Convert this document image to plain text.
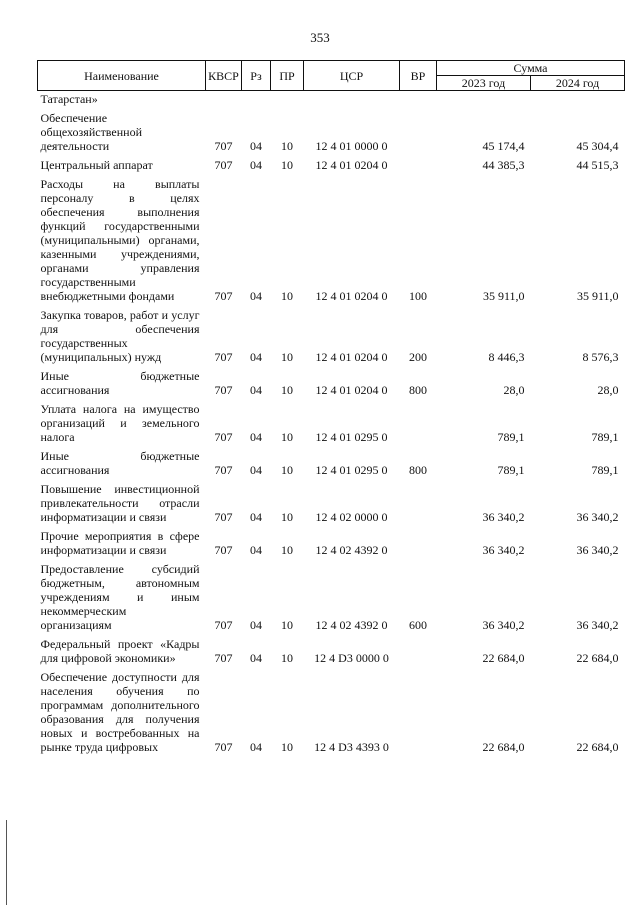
353
Наименование	КВСР	Рз	ПР	ЦСР	ВР	Сумма	
						2023 год	2024 год
Татарстан»							
Обеспечение общехозяйственной деятельности	707	04	10	12 4 01 0000 0		45 174,4	45 304,4
Центральный аппарат	707	04	10	12 4 01 0204 0		44 385,3	44 515,3
Расходы на выплаты персоналу в целях обеспечения выполнения функций государственными (муниципальными) органами, казенными учреждениями, органами управления государственными внебюджетными фондами	707	04	10	12 4 01 0204 0	100	35 911,0	35 911,0
Закупка товаров, работ и услуг для обеспечения государственных (муниципальных) нужд	707	04	10	12 4 01 0204 0	200	8 446,3	8 576,3
Иные бюджетные ассигнования	707	04	10	12 4 01 0204 0	800	28,0	28,0
Уплата налога на имущество организаций и земельного налога	707	04	10	12 4 01 0295 0		789,1	789,1
Иные бюджетные ассигнования	707	04	10	12 4 01 0295 0	800	789,1	789,1
Повышение инвестиционной привлекательности отрасли информатизации и связи	707	04	10	12 4 02 0000 0		36 340,2	36 340,2
Прочие мероприятия в сфере информатизации и связи	707	04	10	12 4 02 4392 0		36 340,2	36 340,2
Предоставление субсидий бюджетным, автономным учреждениям и иным некоммерческим организациям	707	04	10	12 4 02 4392 0	600	36 340,2	36 340,2
Федеральный проект «Кадры для цифровой экономики»	707	04	10	12 4 D3 0000 0		22 684,0	22 684,0
Обеспечение доступности для населения обучения по программам дополнительного образования для получения новых и востребованных на рынке труда цифровых	707	04	10	12 4 D3 4393 0		22 684,0	22 684,0
